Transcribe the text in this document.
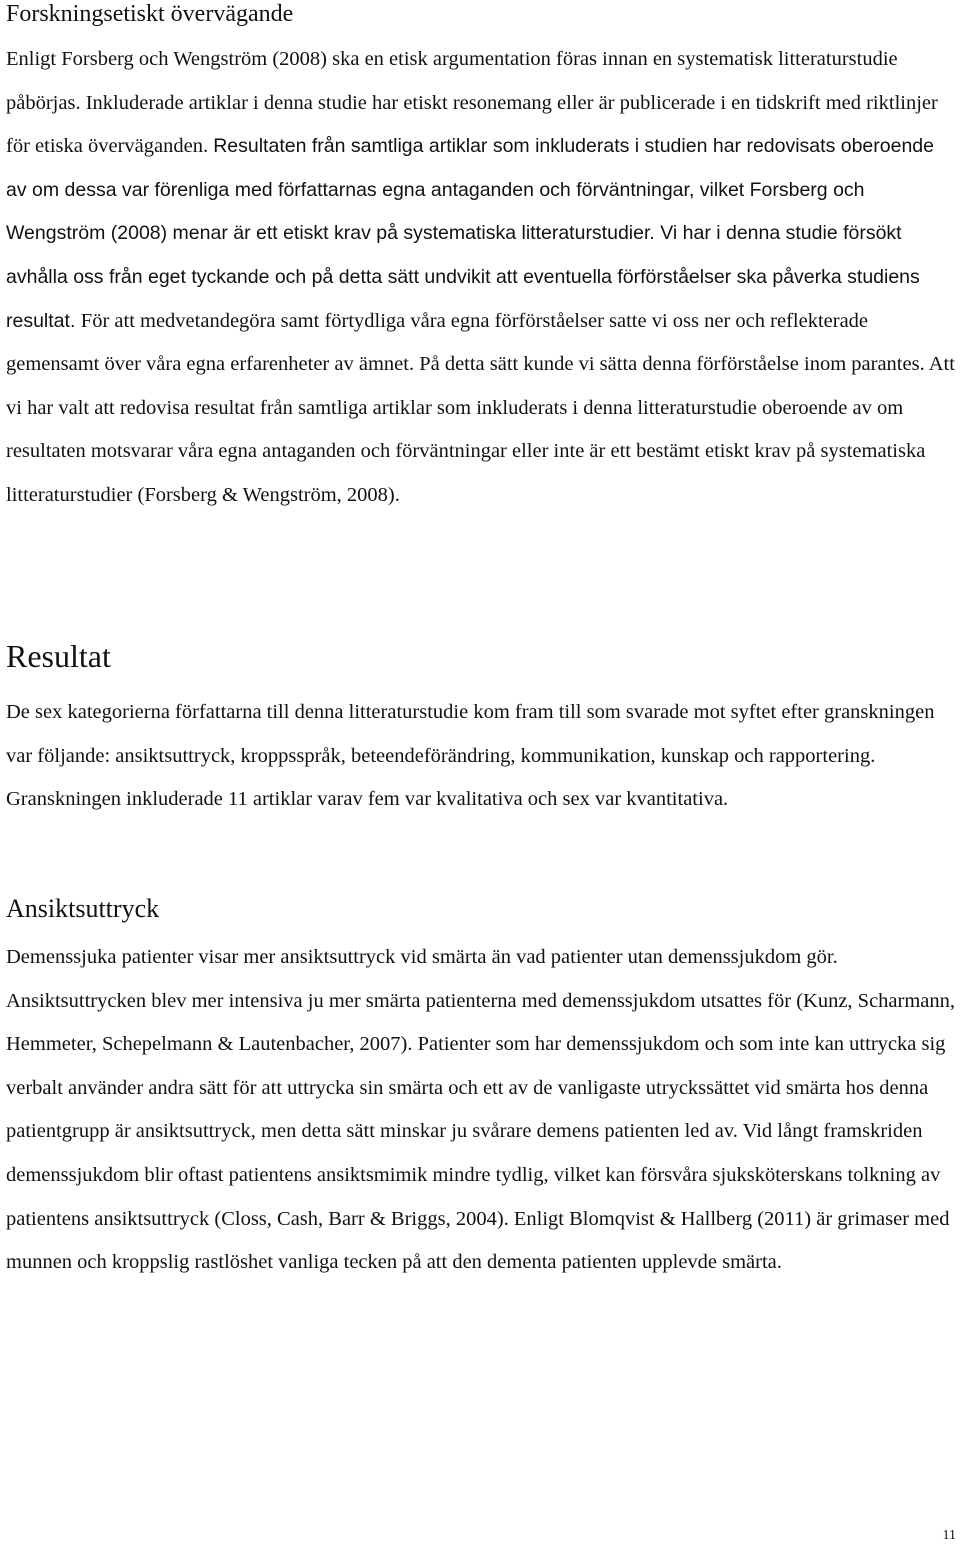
Forskningsetiskt övervägande

Enligt Forsberg och Wengström (2008) ska en etisk argumentation föras innan en systematisk litteraturstudie påbörjas. Inkluderade artiklar i denna studie har etiskt resonemang eller är publicerade i en tidskrift med riktlinjer för etiska överväganden. Resultaten från samtliga artiklar som inkluderats i studien har redovisats oberoende av om dessa var förenliga med författarnas egna antaganden och förväntningar, vilket Forsberg och Wengström (2008) menar är ett etiskt krav på systematiska litteraturstudier. Vi har i denna studie försökt avhålla oss från eget tyckande och på detta sätt undvikit att eventuella förförståelser ska påverka studiens resultat. För att medvetandegöra samt förtydliga våra egna förförståelser satte vi oss ner och reflekterade gemensamt över våra egna erfarenheter av ämnet. På detta sätt kunde vi sätta denna förförståelse inom parantes. Att vi har valt att redovisa resultat från samtliga artiklar som inkluderats i denna litteraturstudie oberoende av om resultaten motsvarar våra egna antaganden och förväntningar eller inte är ett bestämt etiskt krav på systematiska litteraturstudier (Forsberg & Wengström, 2008).

Resultat

De sex kategorierna författarna till denna litteraturstudie kom fram till som svarade mot syftet efter granskningen var följande: ansiktsuttryck, kroppsspråk, beteendeförändring, kommunikation, kunskap och rapportering. Granskningen inkluderade 11 artiklar varav fem var kvalitativa och sex var kvantitativa.

Ansiktsuttryck

Demenssjuka patienter visar mer ansiktsuttryck vid smärta än vad patienter utan demenssjukdom gör. Ansiktsuttrycken blev mer intensiva ju mer smärta patienterna med demenssjukdom utsattes för (Kunz, Scharmann, Hemmeter, Schepelmann & Lautenbacher, 2007). Patienter som har demenssjukdom och som inte kan uttrycka sig verbalt använder andra sätt för att uttrycka sin smärta och ett av de vanligaste utryckssättet vid smärta hos denna patientgrupp är ansiktsuttryck, men detta sätt minskar ju svårare demens patienten led av. Vid långt framskriden demenssjukdom blir oftast patientens ansiktsmimik mindre tydlig, vilket kan försvåra sjuksköterskans tolkning av patientens ansiktsuttryck (Closs, Cash, Barr & Briggs, 2004). Enligt Blomqvist & Hallberg (2011) är grimaser med munnen och kroppslig rastlöshet vanliga tecken på att den dementa patienten upplevde smärta.

11
